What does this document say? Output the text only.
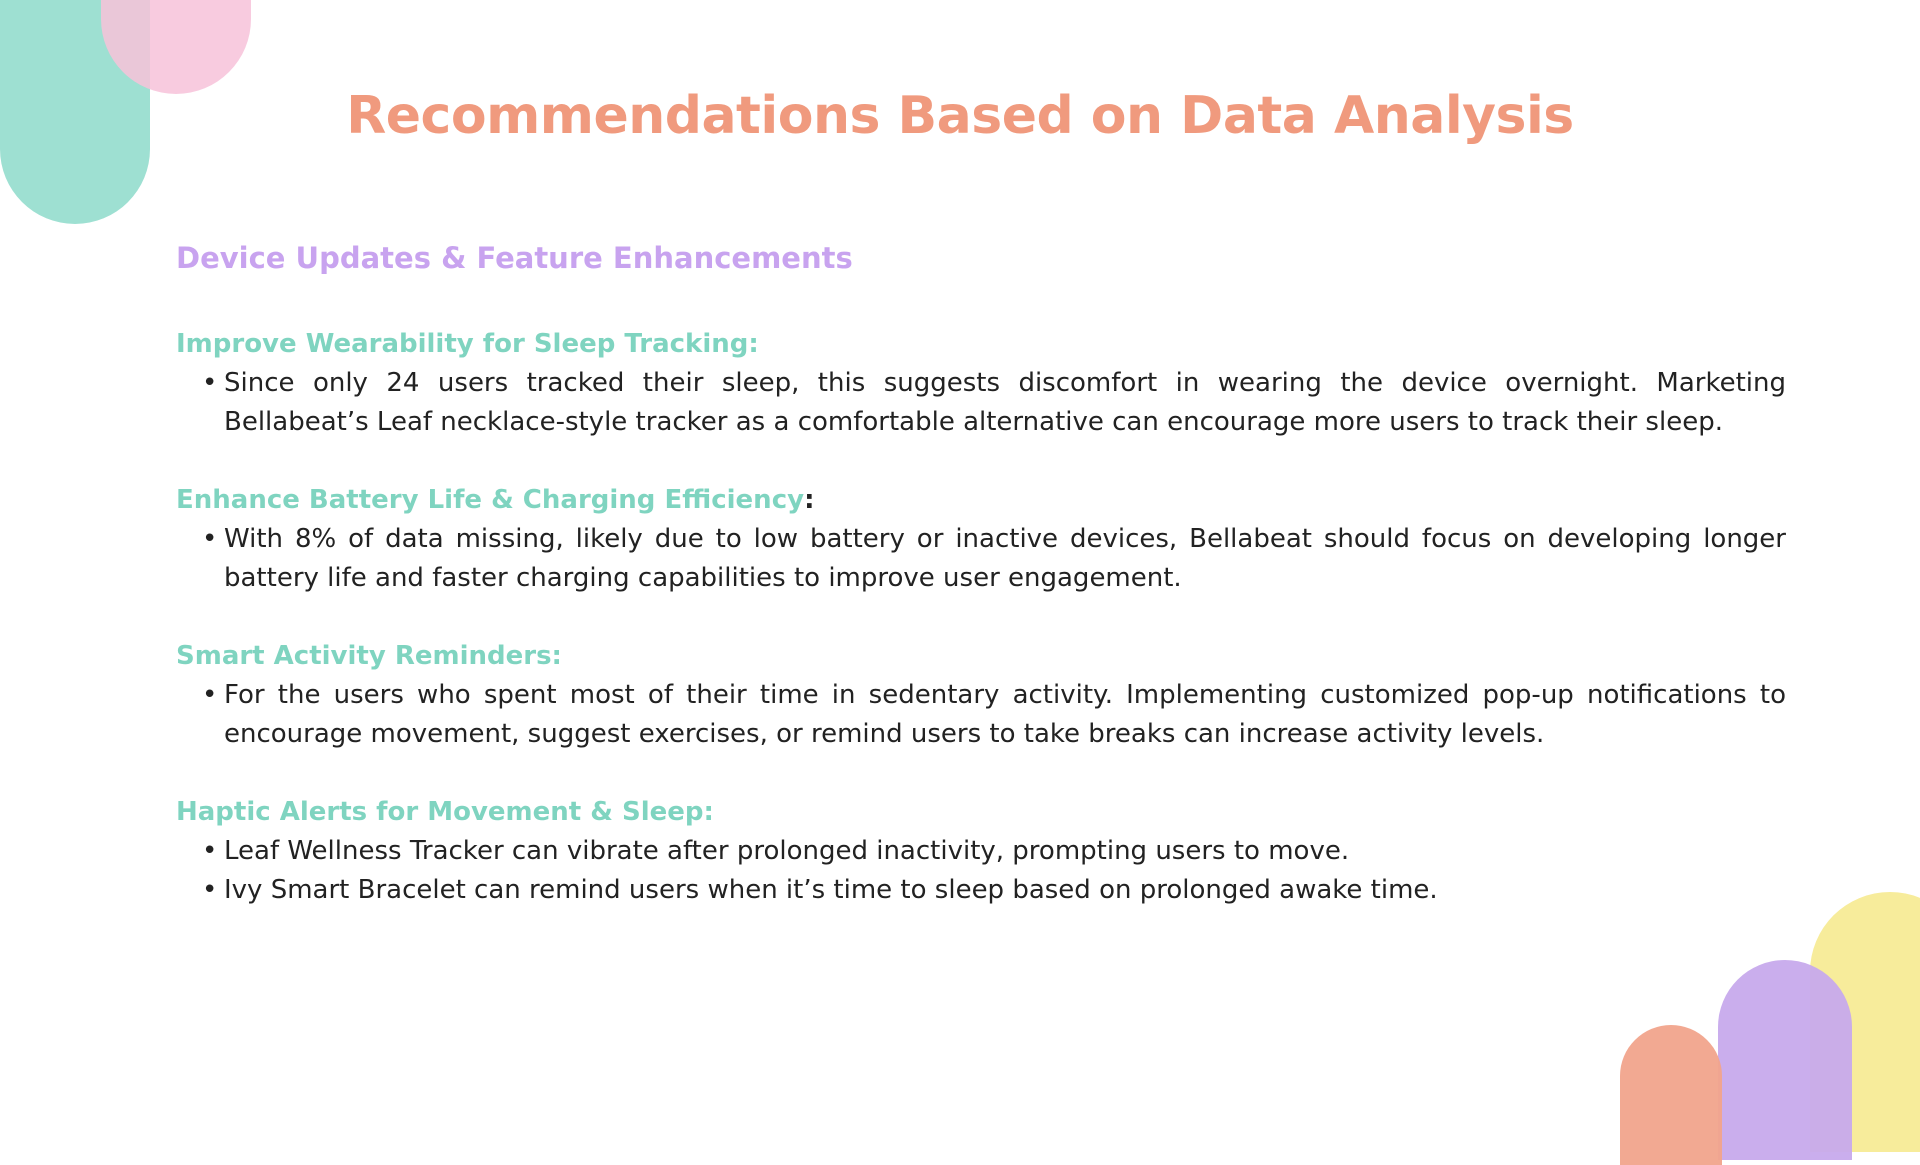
Recommendations Based on Data Analysis
Device Updates & Feature Enhancements

Improve Wearability for Sleep Tracking:

• Since only 24 users tracked their sleep, this suggests discomfort in wearing the device overnight. Marketing Bellabeat’s Leaf necklace-style tracker as a comfortable alternative can encourage more users to track their sleep.

Enhance Battery Life & Charging Efficiency:

• With 8% of data missing, likely due to low battery or inactive devices, Bellabeat should focus on developing longer battery life and faster charging capabilities to improve user engagement.

Smart Activity Reminders:

• For the users who spent most of their time in sedentary activity. Implementing customized pop-up notifications to encourage movement, suggest exercises, or remind users to take breaks can increase activity levels.

Haptic Alerts for Movement & Sleep:

• Leaf Wellness Tracker can vibrate after prolonged inactivity, prompting users to move.
• Ivy Smart Bracelet can remind users when it’s time to sleep based on prolonged awake time.
